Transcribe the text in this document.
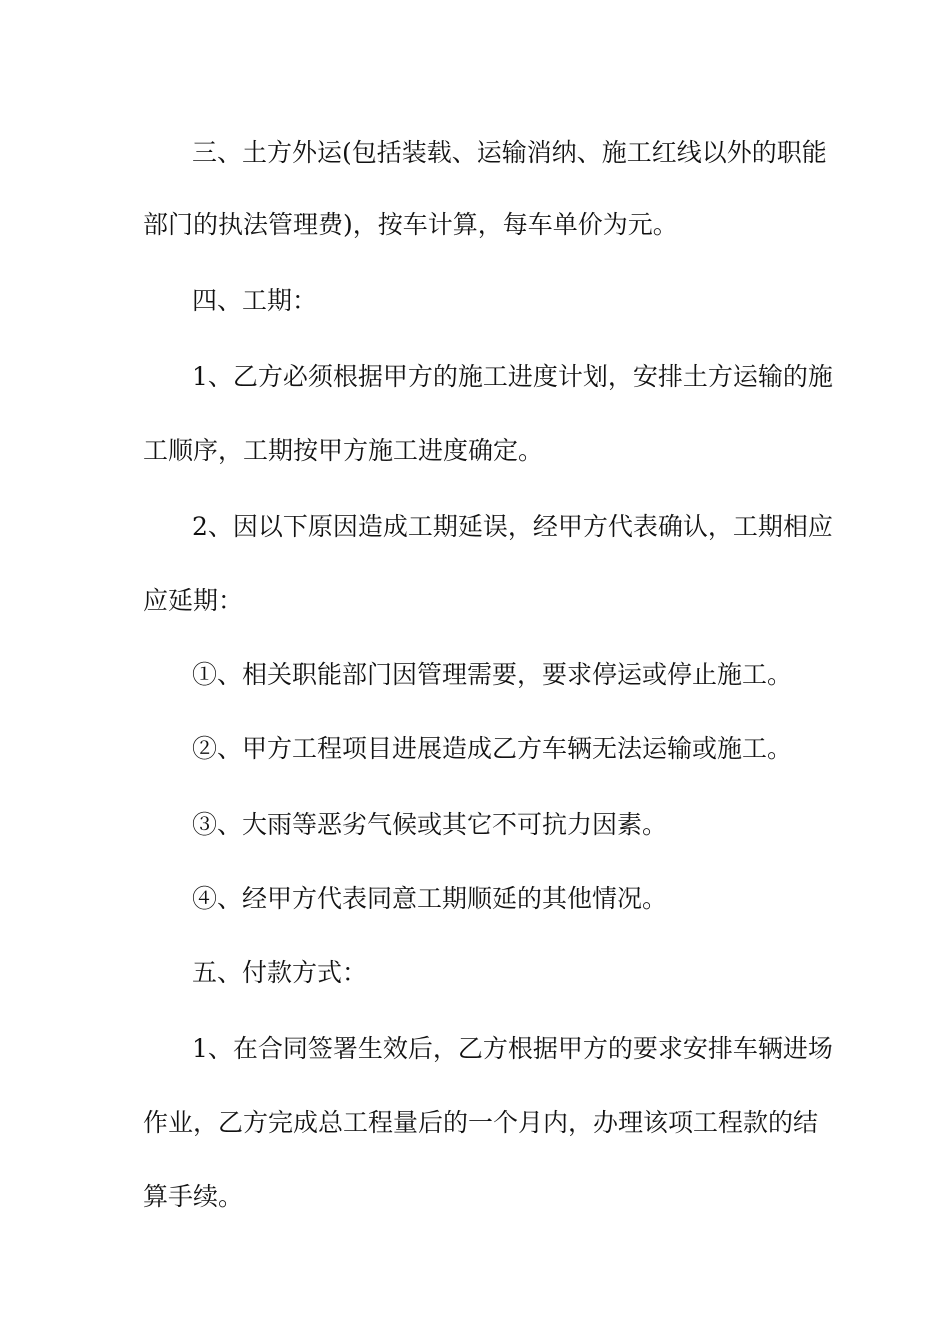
三、土方外运(包括装载、运输消纳、施工红线以外的职能
部门的执法管理费)，按车计算，每车单价为元。
四、工期：
1、乙方必须根据甲方的施工进度计划，安排土方运输的施
工顺序，工期按甲方施工进度确定。
2、因以下原因造成工期延误，经甲方代表确认，工期相应
应延期：
①、相关职能部门因管理需要，要求停运或停止施工。
②、甲方工程项目进展造成乙方车辆无法运输或施工。
③、大雨等恶劣气候或其它不可抗力因素。
④、经甲方代表同意工期顺延的其他情况。
五、付款方式：
1、在合同签署生效后，乙方根据甲方的要求安排车辆进场
作业，乙方完成总工程量后的一个月内，办理该项工程款的结
算手续。
